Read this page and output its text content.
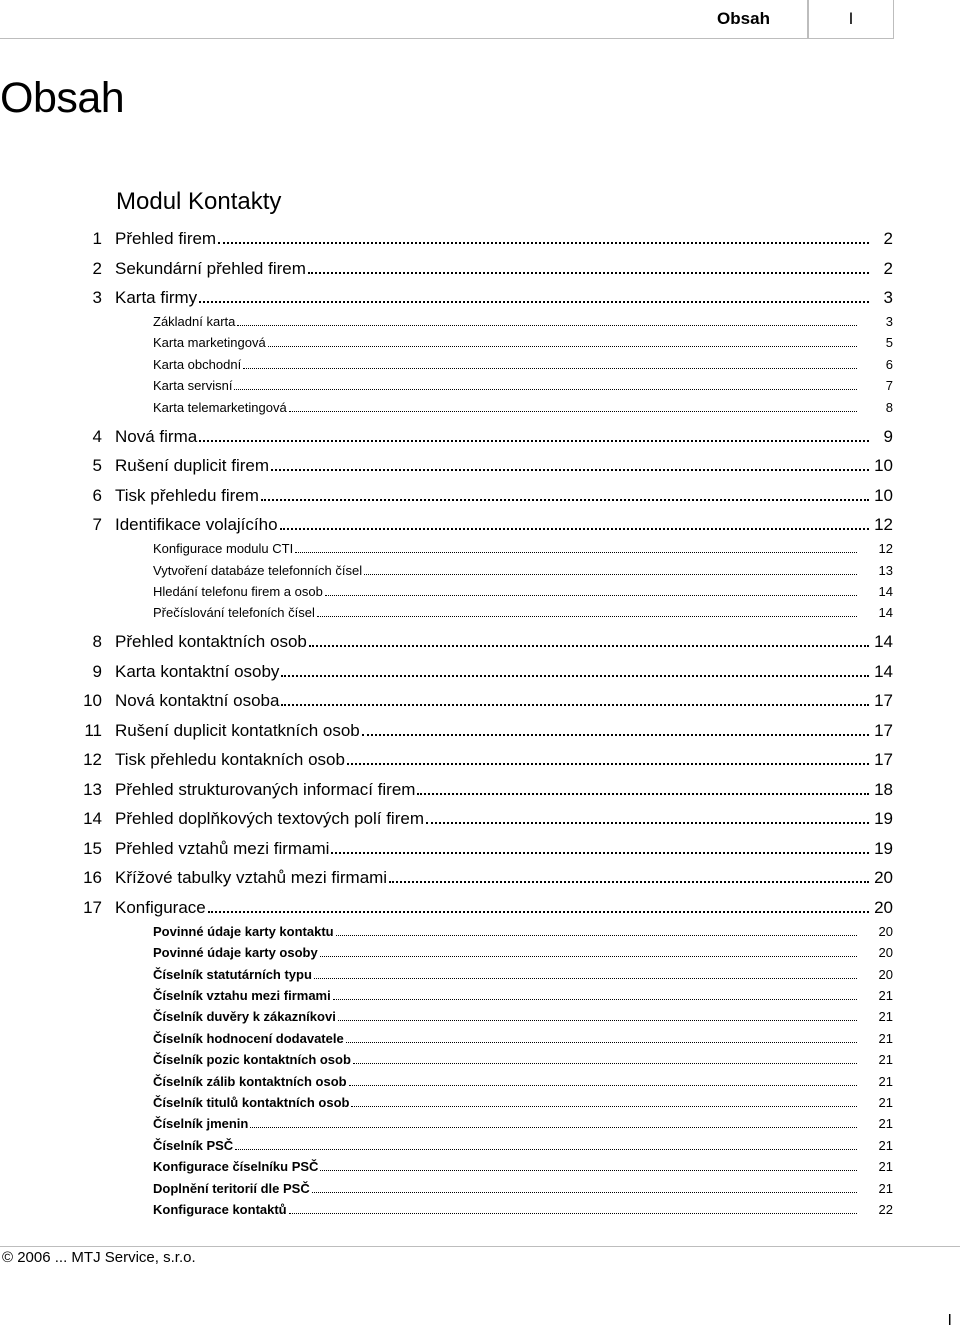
Obsah	I
Obsah
Modul Kontakty
1 Přehled firem	2
2 Sekundární přehled firem	2
3 Karta firmy	3
Základní karta	3
Karta marketingová	5
Karta obchodní	6
Karta servisní	7
Karta telemarketingová	8
4 Nová firma	9
5 Rušení duplicit firem	10
6 Tisk přehledu firem	10
7 Identifikace volajícího	12
Konfigurace modulu CTI	12
Vytvoření databáze telefonních čísel	13
Hledání telefonu firem a osob	14
Přečíslování telefoních čísel	14
8 Přehled kontaktních osob	14
9 Karta kontaktní osoby	14
10 Nová kontaktní osoba	17
11 Rušení duplicit kontatkních osob	17
12 Tisk přehledu kontakních osob	17
13 Přehled strukturovaných informací firem	18
14 Přehled doplňkových textových polí firem	19
15 Přehled vztahů mezi firmami	19
16 Křížové tabulky vztahů mezi firmami	20
17 Konfigurace	20
Povinné údaje karty kontaktu	20
Povinné údaje karty osoby	20
Číselník statutárních typu	20
Číselník vztahu mezi firmami	21
Číselník duvěry k zákazníkovi	21
Číselník hodnocení dodavatele	21
Číselník pozic kontaktních osob	21
Číselník zálib kontaktních osob	21
Číselník titulů kontaktních osob	21
Číselník jmenin	21
Číselník PSČ	21
Konfigurace číselníku PSČ	21
Doplnění teritorií dle PSČ	21
Konfigurace kontaktů	22
© 2006 ... MTJ Service, s.r.o.
I
